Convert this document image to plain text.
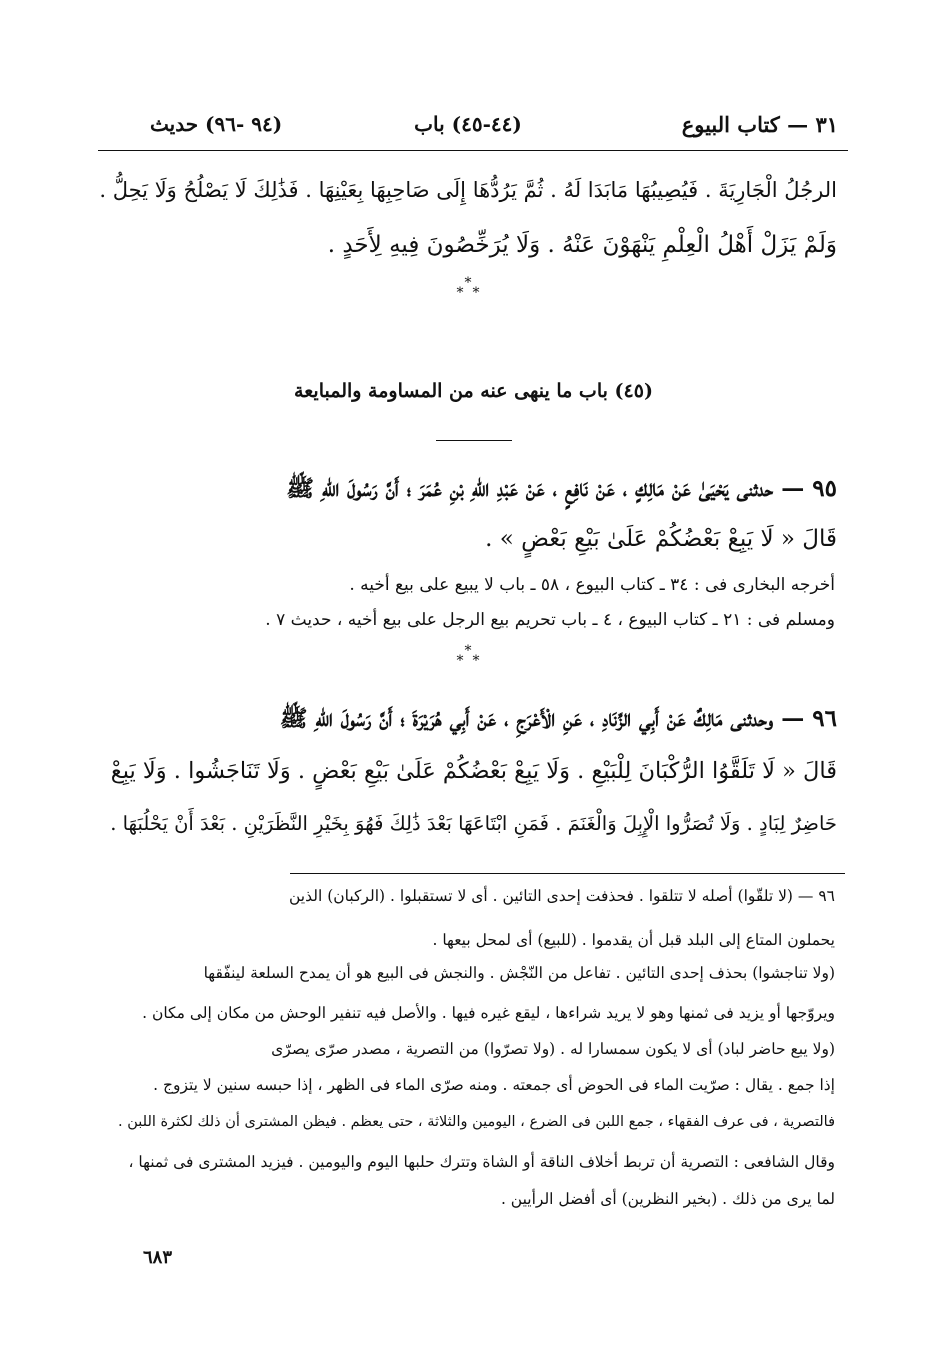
٣١ — كتاب البيوع
(٤٤-٤٥) باب
(٩٤ -٩٦) حديث
الرجُلُ الْجَارِيَةَ . فَيُصِيبُهَا مَابَدَا لَهُ . ثُمَّ يَرُدُّهَا إِلَى صَاحِبِهَا بِعَيْنِهَا . فَذَٰلِكَ لَا يَصْلُحُ وَلَا يَحِلُّ .
وَلَمْ يَزَلْ أَهْلُ الْعِلْمِ يَنْهَوْنَ عَنْهُ . وَلَا يُرَخِّصُونَ فِيهِ لِأَحَدٍ .
*
* *
(٤٥) باب ما ينهى عنه من المساومة والمبايعة
٩٥ — حدثنى يَحْيَىٰ عَنْ مَالِكٍ ، عَنْ نَافِعٍ ، عَنْ عَبْدِ اللهِ بْنِ عُمَرَ ؛ أَنَّ رَسُولَ اللهِ ﷺ
قَالَ « لَا يَبِعْ بَعْضُكُمْ عَلَىٰ بَيْعِ بَعْضٍ » .
أخرجه البخارى فى : ٣٤ ـ كتاب البيوع ، ٥٨ ـ باب لا يبيع على بيع أخيه .
ومسلم فى : ٢١ ـ كتاب البيوع ، ٤ ـ باب تحريم بيع الرجل على بيع أخيه ، حديث ٧ .
*
* *
٩٦ — وحدثنى مَالِكٌ عَنْ أَبِي الزِّنَادِ ، عَنِ الْأَعْرَجِ ، عَنْ أَبِي هُرَيْرَةَ ؛ أَنَّ رَسُولَ اللهِ ﷺ
قَالَ « لَا تَلَقَّوُا الرُّكْبَانَ لِلْبَيْعِ . وَلَا يَبِعْ بَعْضُكُمْ عَلَىٰ بَيْعِ بَعْضٍ . وَلَا تَنَاجَشُوا . وَلَا يَبِعْ
حَاضِرٌ لِبَادٍ . وَلَا تُصَرُّوا الْإِبِلَ وَالْغَنَمَ . فَمَنِ ابْتَاعَهَا بَعْدَ ذَٰلِكَ فَهُوَ بِخَيْرِ النَّظَرَيْنِ . بَعْدَ أَنْ يَحْلُبَهَا .
٩٦ — (لا تلقّوا) أصله لا تتلقوا . فحذفت إحدى التائين . أى لا تستقبلوا . (الركبان) الذين
يحملون المتاع إلى البلد قبل أن يقدموا . (للبيع) أى لمحل بيعها .
(ولا تناجشوا) بحذف إحدى التائين . تفاعل من النّجْش . والنجش فى البيع هو أن يمدح السلعة لينفّقها
ويروّجها أو يزيد فى ثمنها وهو لا يريد شراءها ، ليقع غيره فيها . والأصل فيه تنفير الوحش من مكان إلى مكان .
(ولا يبع حاضر لباد) أى لا يكون سمسارا له . (ولا تصرّوا) من التصرية ، مصدر صرّى يصرّى
إذا جمع . يقال : صرّيت الماء فى الحوض أى جمعته . ومنه صرّى الماء فى الظهر ، إذا حبسه سنين لا يتزوج .
فالتصرية ، فى عرف الفقهاء ، جمع اللبن فى الضرع ، اليومين والثلاثة ، حتى يعظم . فيظن المشترى أن ذلك لكثرة اللبن .
وقال الشافعى : التصرية أن تربط أخلاف الناقة أو الشاة وتترك حلبها اليوم واليومين . فيزيد المشترى فى ثمنها ،
لما يرى من ذلك . (بخير النظرين) أى أفضل الرأيين .
٦٨٣
